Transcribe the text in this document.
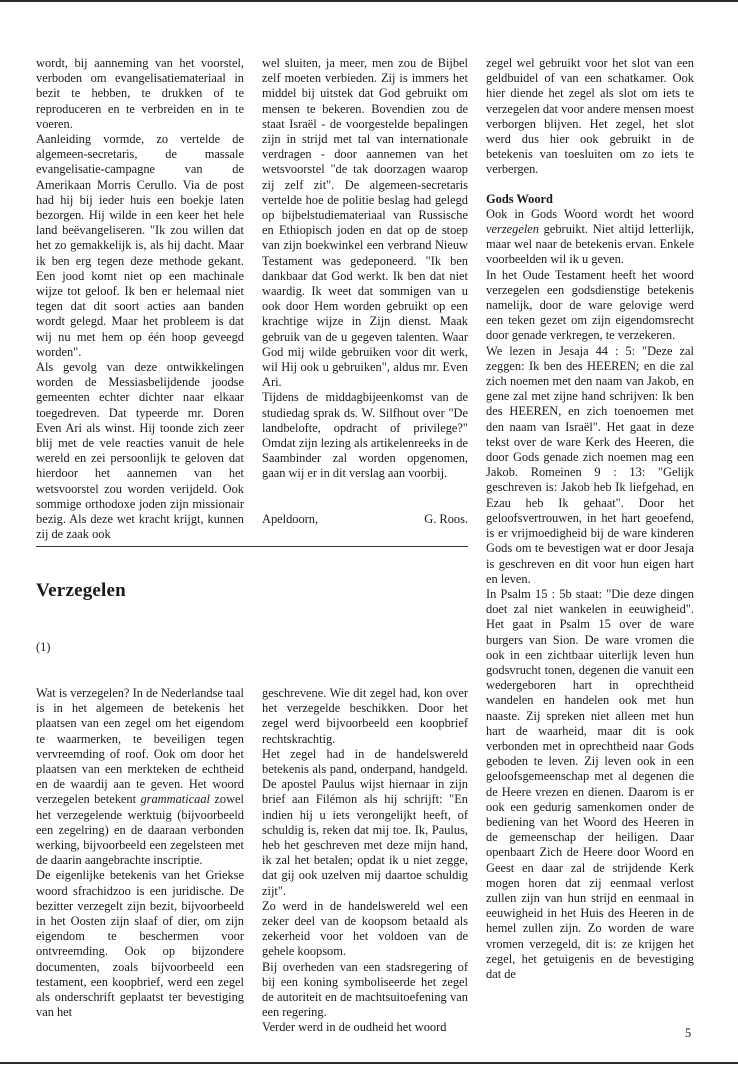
wordt, bij aanneming van het voorstel, verboden om evangelisatiemateriaal in bezit te hebben, te drukken of te reproduceren en te verbreiden en in te voeren.

Aanleiding vormde, zo vertelde de algemeen-secretaris, de massale evangelisatie-campagne van de Amerikaan Morris Cerullo. Via de post had hij bij ieder huis een boekje laten bezorgen. Hij wilde in een keer het hele land beëvangeliseren. "Ik zou willen dat het zo gemakkelijk is, als hij dacht. Maar ik ben erg tegen deze methode gekant. Een jood komt niet op een machinale wijze tot geloof. Ik ben er helemaal niet tegen dat dit soort acties aan banden wordt gelegd. Maar het probleem is dat wij nu met hem op één hoop geveegd worden".

Als gevolg van deze ontwikkelingen worden de Messiasbelijdende joodse gemeenten echter dichter naar elkaar toegedreven. Dat typeerde mr. Doren Even Ari als winst. Hij toonde zich zeer blij met de vele reacties vanuit de hele wereld en zei persoonlijk te geloven dat hierdoor het aannemen van het wetsvoorstel zou worden verijdeld. Ook sommige orthodoxe joden zijn missionair bezig. Als deze wet kracht krijgt, kunnen zij de zaak ook

wel sluiten, ja meer, men zou de Bijbel zelf moeten verbieden. Zij is immers het middel bij uitstek dat God gebruikt om mensen te bekeren. Bovendien zou de staat Israël - de voorgestelde bepalingen zijn in strijd met tal van internationale verdragen - door aannemen van het wetsvoorstel "de tak doorzagen waarop zij zelf zit". De algemeen-secretaris vertelde hoe de politie beslag had gelegd op bijbelstudiemateriaal van Russische en Ethiopisch joden en dat op de stoep van zijn boekwinkel een verbrand Nieuw Testament was gedeponeerd. "Ik ben dankbaar dat God werkt. Ik ben dat niet waardig. Ik weet dat sommigen van u ook door Hem worden gebruikt op een krachtige wijze in Zijn dienst. Maak gebruik van de u gegeven talenten. Waar God mij wilde gebruiken voor dit werk, wil Hij ook u gebruiken", aldus mr. Even Ari.

Tijdens de middagbijeenkomst van de studiedag sprak ds. W. Silfhout over "De landbelofte, opdracht of privilege?" Omdat zijn lezing als artikelenreeks in de Saambinder zal worden opgenomen, gaan wij er in dit verslag aan voorbij.

Apeldoorn,	G. Roos.
Verzegelen
(1)

Wat is verzegelen? In de Nederlandse taal is in het algemeen de betekenis het plaatsen van een zegel om het eigendom te waarmerken, te beveiligen tegen vervreemding of roof. Ook om door het plaatsen van een merkteken de echtheid en de waardij aan te geven. Het woord verzegelen betekent grammaticaal zowel het verzegelende werktuig (bijvoorbeeld een zegelring) en de daaraan verbonden werking, bijvoorbeeld een zegelsteen met de daarin aangebrachte inscriptie.

De eigenlijke betekenis van het Griekse woord sfrachidzoo is een juridische. De bezitter verzegelt zijn bezit, bijvoorbeeld in het Oosten zijn slaaf of dier, om zijn eigendom te beschermen voor ontvreemding. Ook op bijzondere documenten, zoals bijvoorbeeld een testament, een koopbrief, werd een zegel als onderschrift geplaatst ter bevestiging van het

geschrevene. Wie dit zegel had, kon over het verzegelde beschikken. Door het zegel werd bijvoorbeeld een koopbrief rechtskrachtig.

Het zegel had in de handelswereld betekenis als pand, onderpand, handgeld. De apostel Paulus wijst hiernaar in zijn brief aan Filémon als hij schrijft: "En indien hij u iets verongelijkt heeft, of schuldig is, reken dat mij toe. Ik, Paulus, heb het geschreven met deze mijn hand, ik zal het betalen; opdat ik u niet zegge, dat gij ook uzelven mij daartoe schuldig zijt".

Zo werd in de handelswereld wel een zeker deel van de koopsom betaald als zekerheid voor het voldoen van de gehele koopsom.

Bij overheden van een stadsregering of bij een koning symboliseerde het zegel de autoriteit en de machtsuitoefening van een regering.

Verder werd in de oudheid het woord

zegel wel gebruikt voor het slot van een geldbuidel of van een schatkamer. Ook hier diende het zegel als slot om iets te verzegelen dat voor andere mensen moest verborgen blijven. Het zegel, het slot werd dus hier ook gebruikt in de betekenis van toesluiten om zo iets te verbergen.

Gods Woord

Ook in Gods Woord wordt het woord verzegelen gebruikt. Niet altijd letterlijk, maar wel naar de betekenis ervan. Enkele voorbeelden wil ik u geven.

In het Oude Testament heeft het woord verzegelen een godsdienstige betekenis namelijk, door de ware gelovige werd een teken gezet om zijn eigendomsrecht door genade verkregen, te verzekeren.

We lezen in Jesaja 44 : 5: "Deze zal zeggen: Ik ben des HEEREN; en die zal zich noemen met den naam van Jakob, en gene zal met zijne hand schrijven: Ik ben des HEEREN, en zich toenoemen met den naam van Israël". Het gaat in deze tekst over de ware Kerk des Heeren, die door Gods genade zich noemen mag een Jakob. Romeinen 9 : 13: "Gelijk geschreven is: Jakob heb Ik liefgehad, en Ezau heb Ik gehaat". Door het geloofsvertrouwen, in het hart geoefend, is er vrijmoedigheid bij de ware kinderen Gods om te bevestigen wat er door Jesaja is geschreven en dit voor hun eigen hart en leven.

In Psalm 15 : 5b staat: "Die deze dingen doet zal niet wankelen in eeuwigheid". Het gaat in Psalm 15 over de ware burgers van Sion. De ware vromen die ook in een zichtbaar uiterlijk leven hun godsvrucht tonen, degenen die vanuit een wedergeboren hart in oprechtheid wandelen en handelen ook met hun naaste. Zij spreken niet alleen met hun hart de waarheid, maar dit is ook verbonden met in oprechtheid naar Gods geboden te leven. Zij leven ook in een geloofsgemeenschap met al degenen die de Heere vrezen en dienen. Daarom is er ook een gedurig samenkomen onder de bediening van het Woord des Heeren in de gemeenschap der heiligen. Daar openbaart Zich de Heere door Woord en Geest en daar zal de strijdende Kerk mogen horen dat zij eenmaal verlost zullen zijn van hun strijd en eenmaal in eeuwigheid in het Huis des Heeren in de hemel zullen zijn. Zo worden de ware vromen verzegeld, dit is: ze krijgen het zegel, het getuigenis en de bevestiging dat de

5
